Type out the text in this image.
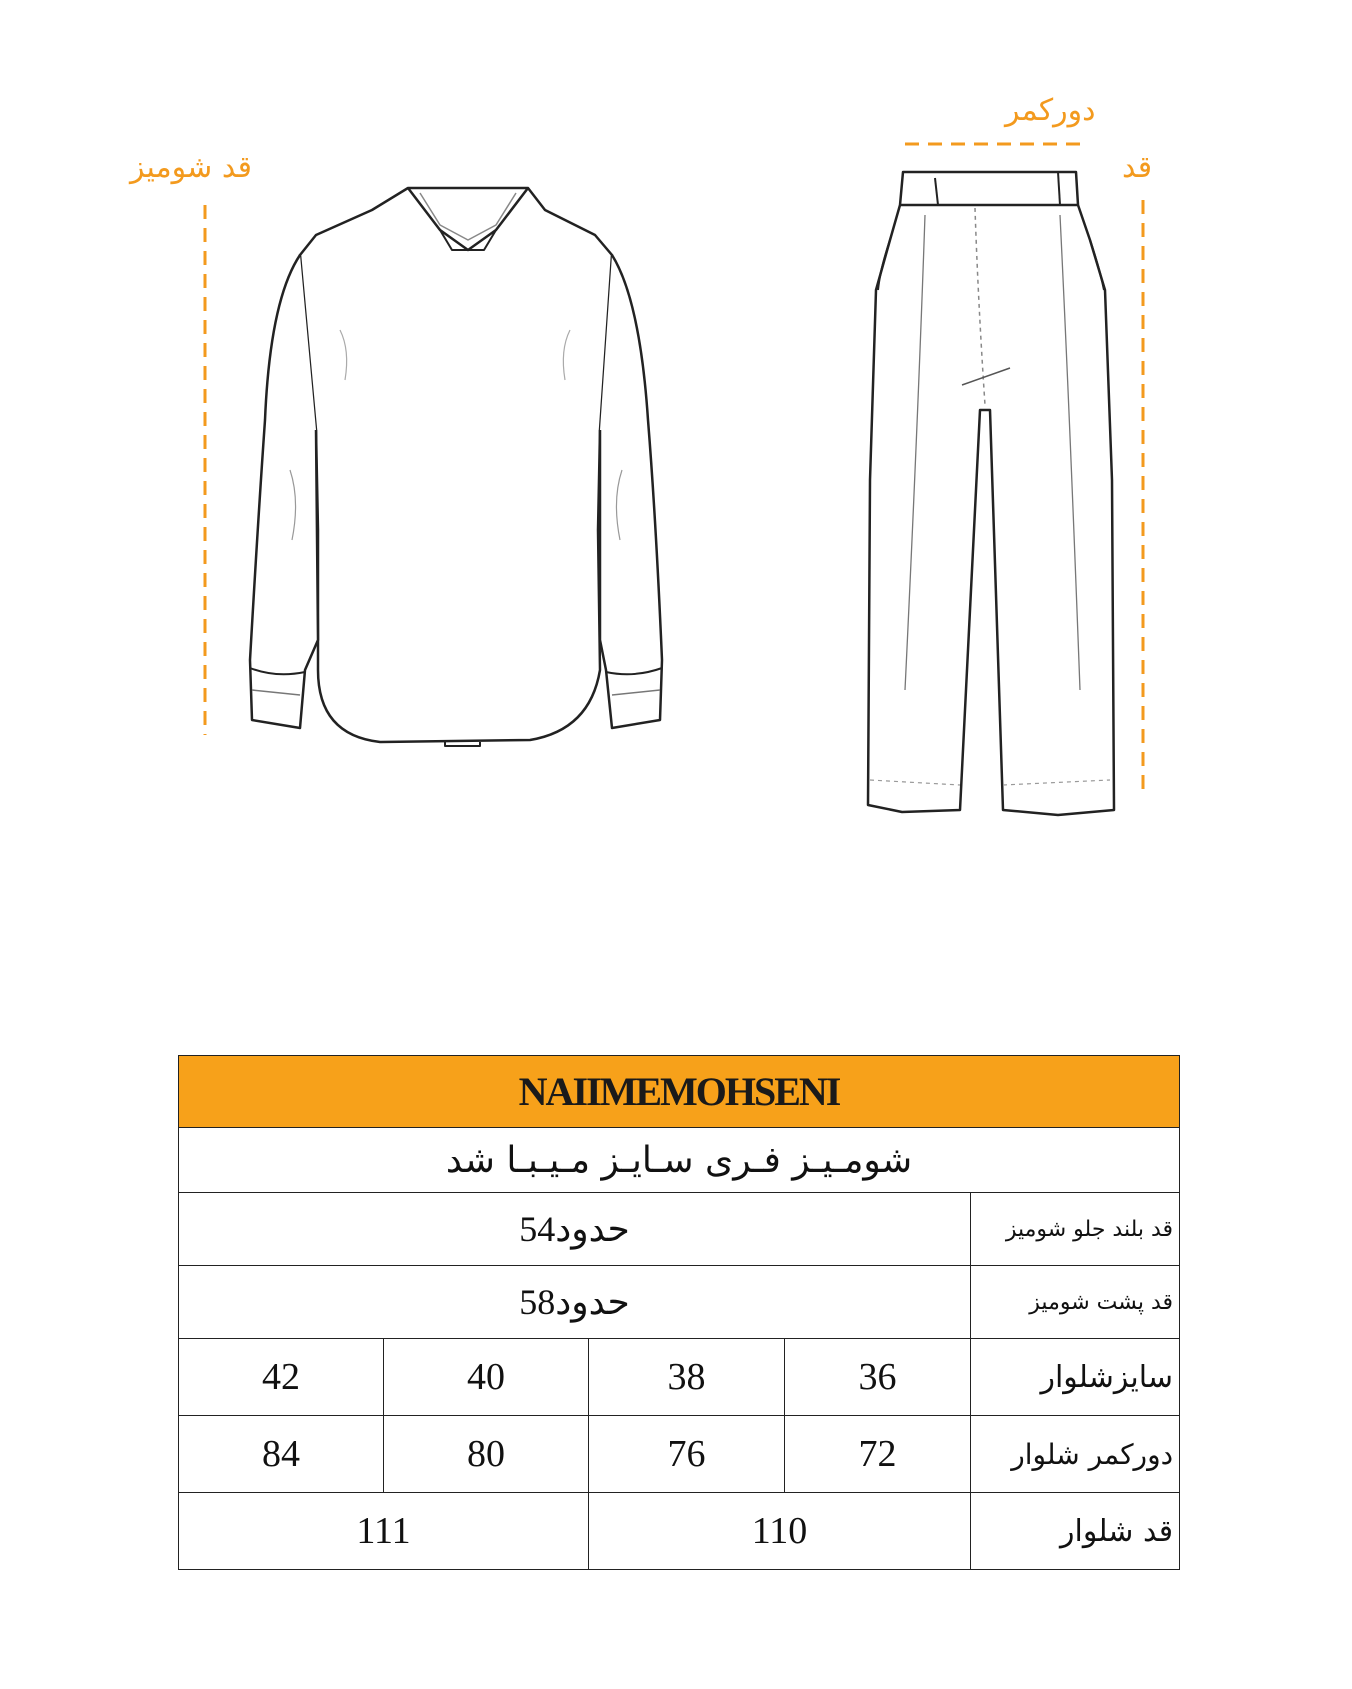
قد شومیز
دورکمر
قد
NAIIMEMOHSENI				
شومـیـز فـری سـایـز مـیـبـا شد				
حدود54				قد بلند جلو شومیز
حدود58				قد پشت شومیز
42	40	38	36	سایزشلوار
84	80	76	72	دورکمر شلوار
111		110		قد شلوار
